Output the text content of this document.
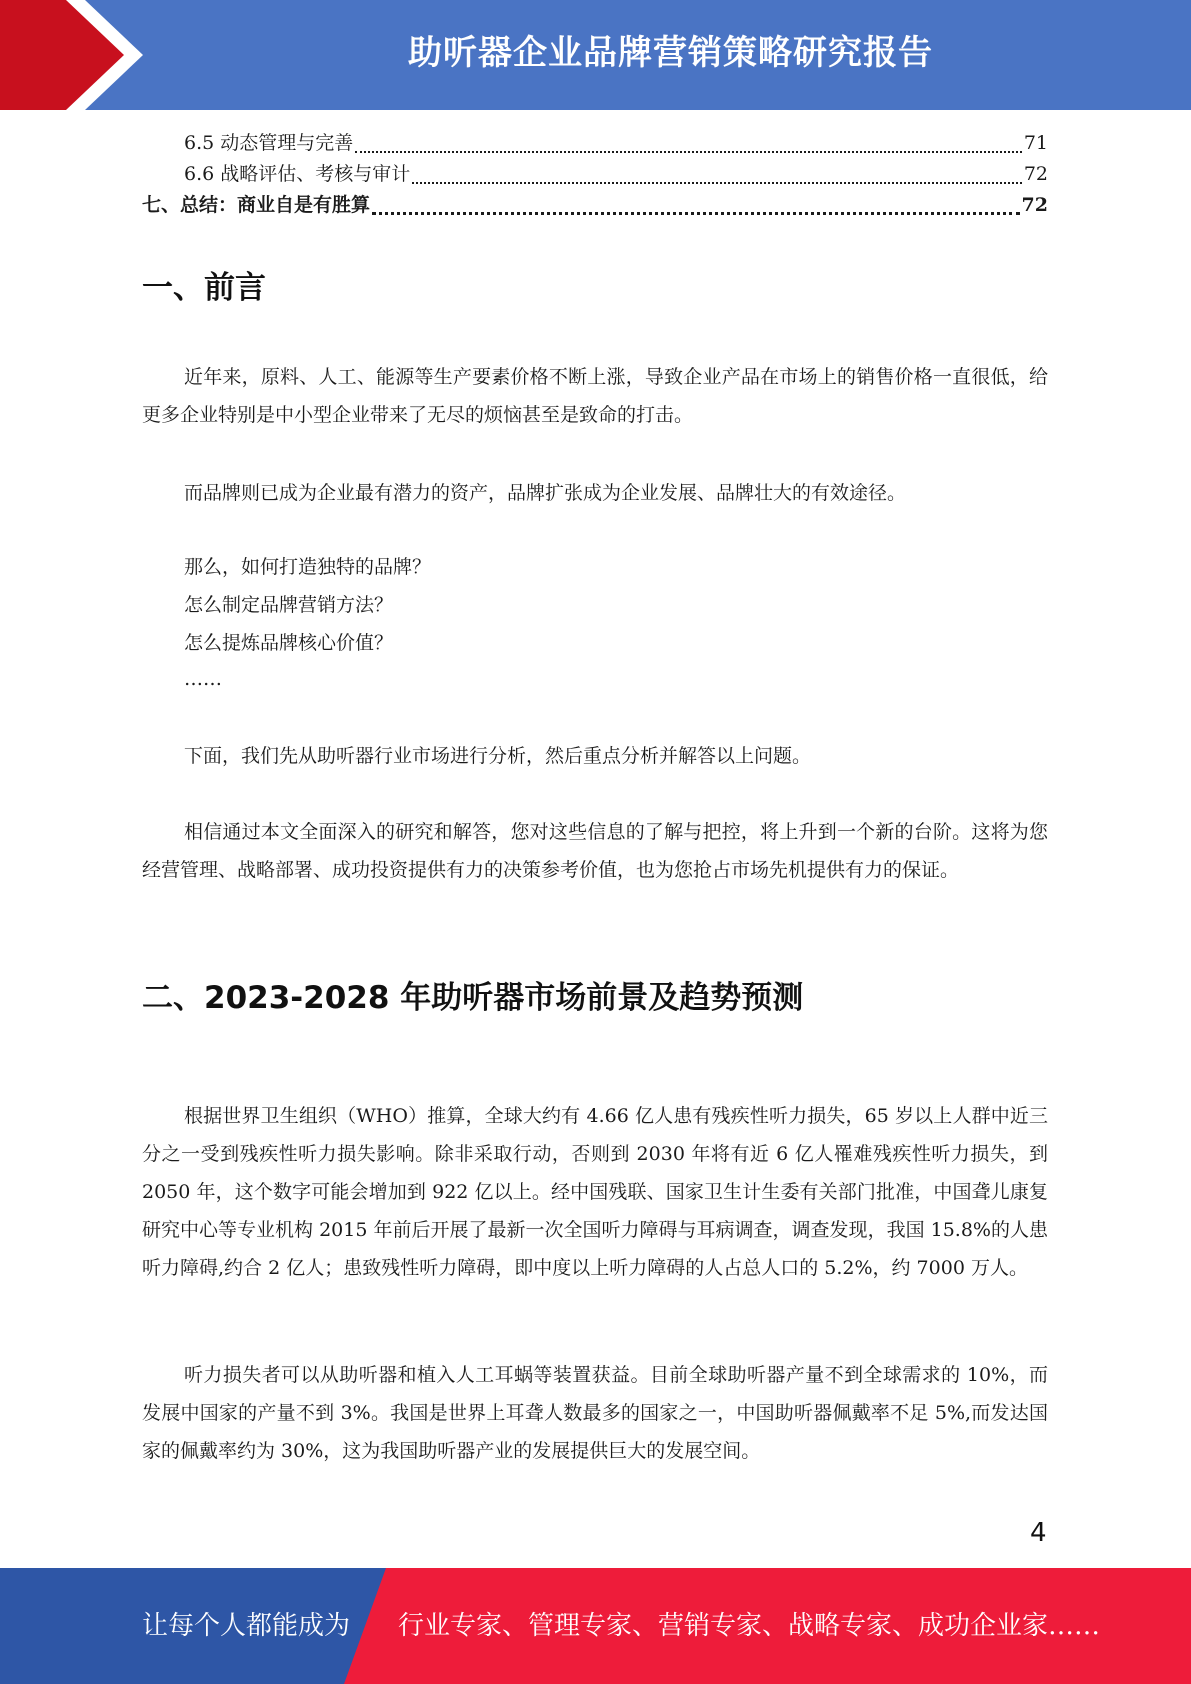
助听器企业品牌营销策略研究报告
6.5 动态管理与完善	71
6.6 战略评估、考核与审计	72
七、总结：商业自是有胜算	72
一、前言
近年来，原料、人工、能源等生产要素价格不断上涨，导致企业产品在市场上的销售价格一直很低，给更多企业特别是中小型企业带来了无尽的烦恼甚至是致命的打击。
而品牌则已成为企业最有潜力的资产，品牌扩张成为企业发展、品牌壮大的有效途径。
那么，如何打造独特的品牌？
怎么制定品牌营销方法？
怎么提炼品牌核心价值？
……
下面，我们先从助听器行业市场进行分析，然后重点分析并解答以上问题。
相信通过本文全面深入的研究和解答，您对这些信息的了解与把控，将上升到一个新的台阶。这将为您经营管理、战略部署、成功投资提供有力的决策参考价值，也为您抢占市场先机提供有力的保证。
二、2023-2028 年助听器市场前景及趋势预测
根据世界卫生组织（WHO）推算，全球大约有 4.66 亿人患有残疾性听力损失，65 岁以上人群中近三分之一受到残疾性听力损失影响。除非采取行动，否则到 2030 年将有近 6 亿人罹难残疾性听力损失，到 2050 年，这个数字可能会增加到 922 亿以上。经中国残联、国家卫生计生委有关部门批准，中国聋儿康复研究中心等专业机构 2015 年前后开展了最新一次全国听力障碍与耳病调查，调查发现，我国 15.8%的人患听力障碍,约合 2 亿人；患致残性听力障碍，即中度以上听力障碍的人占总人口的 5.2%，约 7000 万人。
听力损失者可以从助听器和植入人工耳蜗等装置获益。目前全球助听器产量不到全球需求的 10%，而发展中国家的产量不到 3%。我国是世界上耳聋人数最多的国家之一，中国助听器佩戴率不足 5%,而发达国家的佩戴率约为 30%，这为我国助听器产业的发展提供巨大的发展空间。
4
让每个人都能成为 行业专家、管理专家、营销专家、战略专家、成功企业家……
